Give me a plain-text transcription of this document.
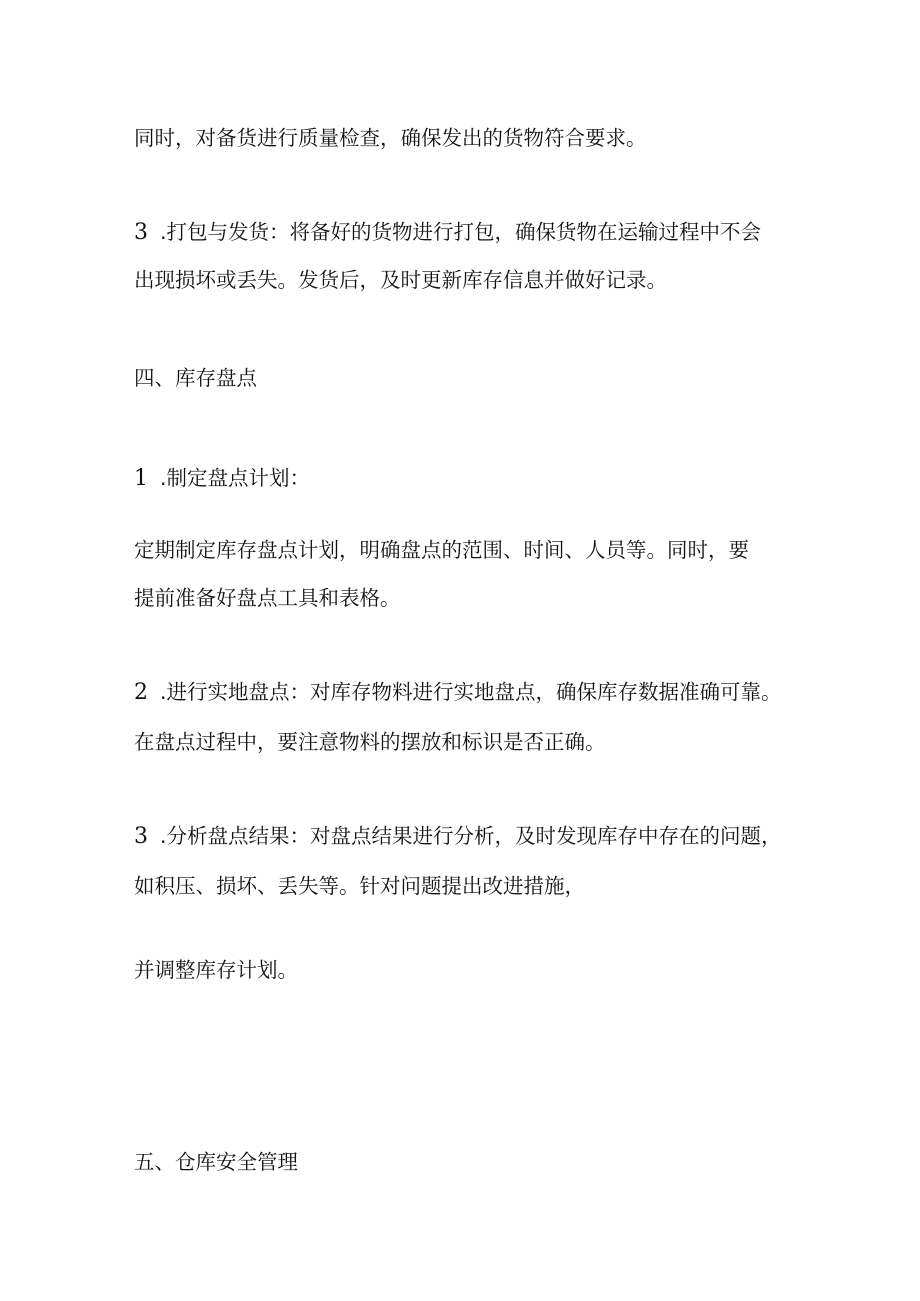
同时，对备货进行质量检查，确保发出的货物符合要求。
3 .打包与发货：将备好的货物进行打包，确保货物在运输过程中不会
出现损坏或丢失。发货后，及时更新库存信息并做好记录。
四、库存盘点
1 .制定盘点计划：
定期制定库存盘点计划，明确盘点的范围、时间、人员等。同时，要
提前准备好盘点工具和表格。
2 .进行实地盘点：对库存物料进行实地盘点，确保库存数据准确可靠。
在盘点过程中，要注意物料的摆放和标识是否正确。
3 .分析盘点结果：对盘点结果进行分析，及时发现库存中存在的问题，
如积压、损坏、丢失等。针对问题提出改进措施，
并调整库存计划。
五、仓库安全管理
